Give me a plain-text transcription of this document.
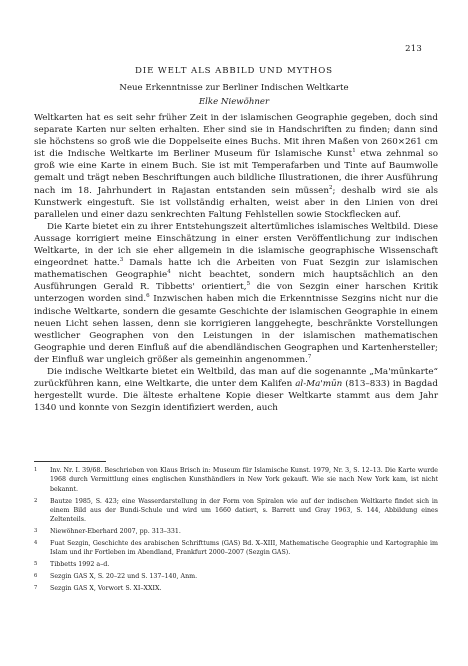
213
DIE WELT ALS ABBILD UND MYTHOS
Neue Erkenntnisse zur Berliner Indischen Weltkarte
Elke Niewöhner

Weltkarten hat es seit sehr früher Zeit in der islamischen Geographie gegeben, doch sind separate Karten nur selten erhalten. Eher sind sie in Handschriften zu finden; dann sind sie höchstens so groß wie die Doppelseite eines Buchs. Mit ihren Maßen von 260×261 cm ist die Indische Weltkarte im Berliner Museum für Islamische Kunst$^1$ etwa zehnmal so groß wie eine Karte in einem Buch. Sie ist mit Temperafarben und Tinte auf Baumwolle gemalt und trägt neben Beschriftungen auch bildliche Illustrationen, die ihrer Ausführung nach im 18. Jahrhundert in Rajastan entstanden sein müssen$^2$; deshalb wird sie als Kunstwerk eingestuft. Sie ist vollständig erhalten, weist aber in den Linien von drei parallelen und einer dazu senkrechten Faltung Fehlstellen sowie Stockflecken auf.

Die Karte bietet ein zu ihrer Entstehungszeit altertümliches islamisches Weltbild. Diese Aussage korrigiert meine Einschätzung in einer ersten Veröffentlichung zur indischen Weltkarte, in der ich sie eher allgemein in die islamische geographische Wissenschaft eingeordnet hatte.$^3$ Damals hatte ich die Arbeiten von Fuat Sezgin zur islamischen mathematischen Geographie$^4$ nicht beachtet, sondern mich hauptsächlich an den Ausführungen Gerald R. Tibbetts' orientiert,$^5$ die von Sezgin einer harschen Kritik unterzogen worden sind.$^6$ Inzwischen haben mich die Erkenntnisse Sezgins nicht nur die indische Weltkarte, sondern die gesamte Geschichte der islamischen Geographie in einem neuen Licht sehen lassen, denn sie korrigieren langgehegte, beschränkte Vorstellungen westlicher Geographen von den Leistungen in der islamischen mathematischen Geographie und deren Einfluß auf die abendländischen Geographen und Kartenhersteller; der Einfluß war ungleich größer als gemeinhin angenommen.$^7$

Die indische Weltkarte bietet ein Weltbild, das man auf die sogenannte „Ma'mūnkarte“ zurückführen kann, eine Weltkarte, die unter dem Kalifen al-Ma'mūn (813–833) in Bagdad hergestellt wurde. Die älteste erhaltene Kopie dieser Weltkarte stammt aus dem Jahr 1340 und konnte von Sezgin identifiziert werden, auch

1	Inv. Nr. I. 39/68. Beschrieben von Klaus Brisch in: Museum für Islamische Kunst. 1979, Nr. 3, S. 12–13. Die Karte wurde 1968 durch Vermittlung eines englischen Kunsthändlers in New York gekauft. Wie sie nach New York kam, ist nicht bekannt.
2	Bautze 1985, S. 423; eine Wasserdarstellung in der Form von Spiralen wie auf der indischen Weltkarte findet sich in einem Bild aus der Bundi-Schule und wird um 1660 datiert, s. Barrett und Gray 1963, S. 144, Abbildung eines Zeltenteils.
3	Niewöhner-Eberhard 2007, pp. 313–331.
4	Fuat Sezgin, Geschichte des arabischen Schrifttums (GAS) Bd. X–XIII, Mathematische Geographie und Kartographie im Islam und ihr Fortleben im Abendland, Frankfurt 2000–2007 (Sezgin GAS).
5	Tibbetts 1992 a–d.
6	Sezgin GAS X, S. 20–22 und S. 137–140, Anm.
7	Sezgin GAS X, Vorwort S. XI–XXIX.
